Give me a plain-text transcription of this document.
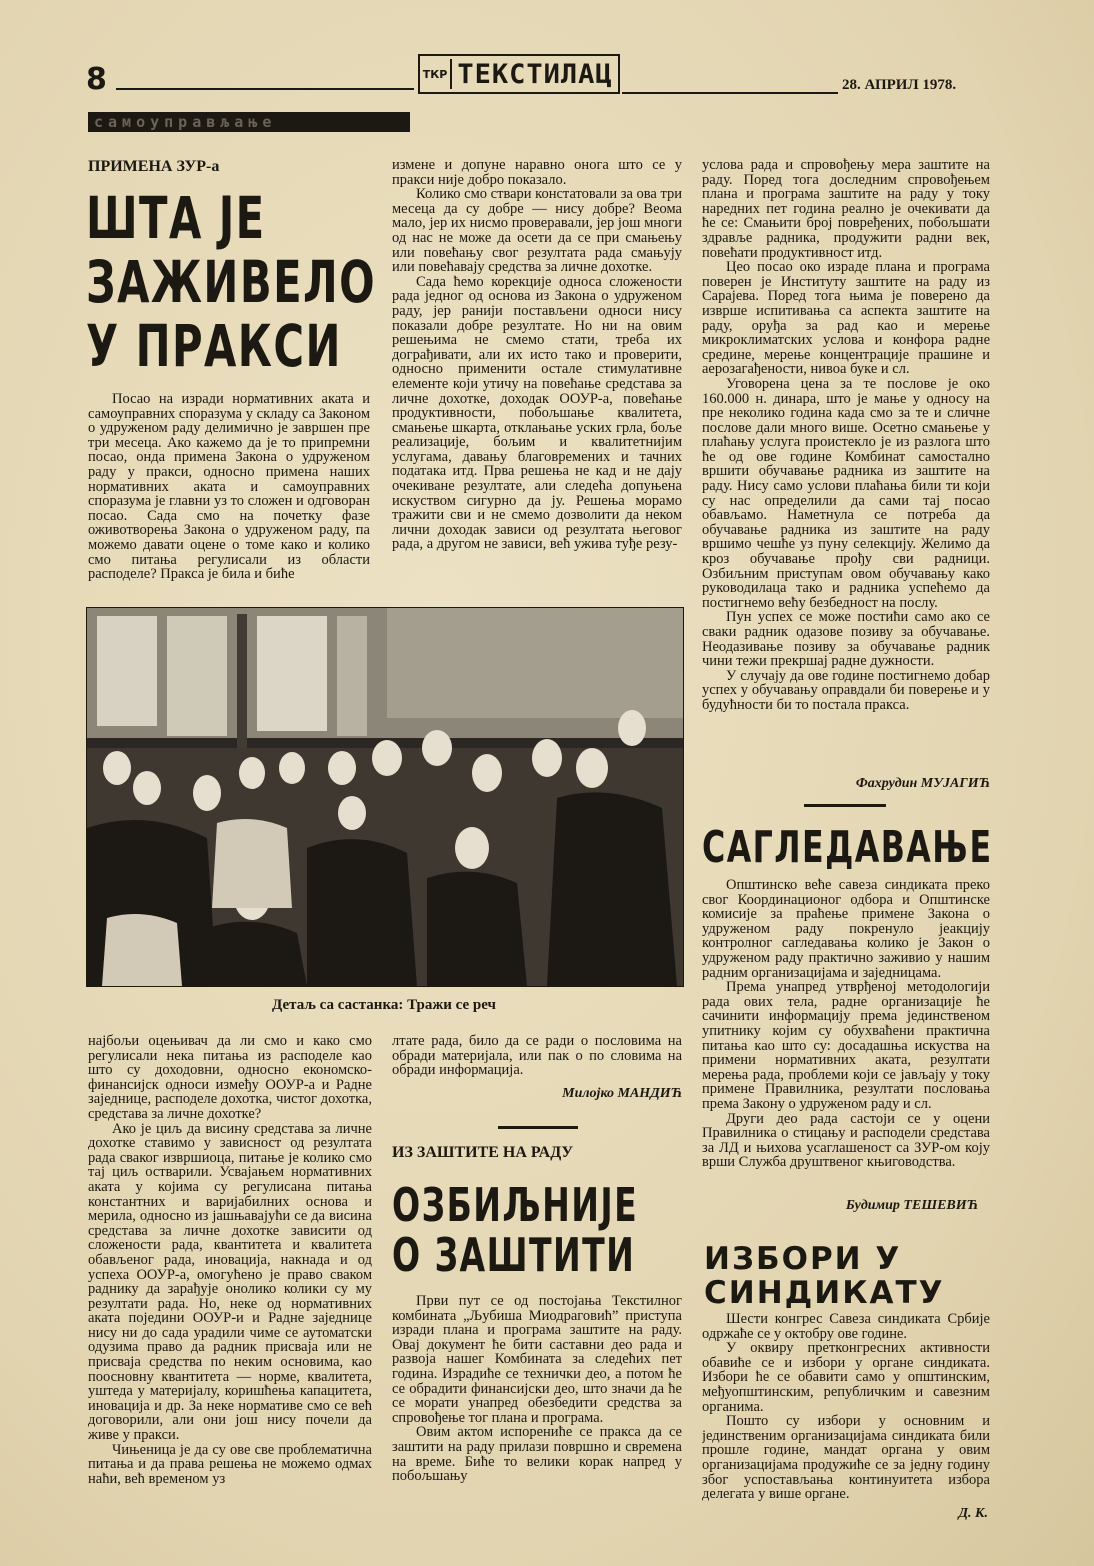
8	ТКР ТЕКСТИЛАЦ	28. АПРИЛ 1978.
самоуправљање
ПРИМЕНА ЗУР-а
ШТА ЈЕ
ЗАЖИВЕЛО
У ПРАКСИ

Посао на изради нормативних аката и самоуправних споразума у складу са Законом о удруженом раду делимично је завршен пре три месеца. Ако кажемо да је то припремни посао, онда примена Закона о удруженом раду у пракси, односно примена наших нормативних аката и самоуправних споразума је главни уз то сложен и одговоран посао. Сада смо на почетку фазе оживотворења Закона о удруженом раду, па можемо давати оцене о томе како и колико смо питања регулисали из области расподеле? Пракса је била и биће

измене и допуне наравно онога што се у пракси није добро показало.

Колико смо ствари констатовали за ова три месеца да су добре — нису добре? Веома мало, јер их нисмо проверавали, јер још многи од нас не може да осети да се при смањењу или повећању свог резултата рада смањују или повећавају средства за личне дохотке.

Сада ћемо корекције односа сложености рада једног од основа из Закона о удруженом раду, јер ранији постављени односи нису показали добре резултате. Но ни на овим решењима не смемо стати, треба их дограђивати, али их исто тако и проверити, односно применити остале стимулативне елементе који утичу на повећање средстава за личне дохотке, доходак ООУР-а, повећање продуктивности, побољшање квалитета, смањење шкарта, отклањање уских грла, боље реализације, бољим и квалитетнијим услугама, давању благовремених и тачних података итд. Прва решења не кад и не дају очекиване резултате, али следећа допуњена искуством сигурно да ју. Решења морамо тражити сви и не смемо дозволити да неком лични доходак зависи од резултата његовог рада, а другом не зависи, већ ужива туђе резу-

Детаљ са састанка: Тражи се реч

најбољи оцењивач да ли смо и како смо регулисали нека питања из расподеле као што су доходовни, односно економско-финансијск односи између ООУР-а и Радне заједнице, расподеле дохотка, чистог дохотка, средстава за личне дохотке?

Ако је циљ да висину средстава за личне дохотке ставимо у зависност од резултата рада сваког извршиоца, питање је колико смо тај циљ остварили. Усвајањем нормативних аката у којима су регулисана питања константних и варијабилних основа и мерила, односно из јашњавајући се да висина средстава за личне дохотке зависити од сложености рада, квантитета и квалитета обављеног рада, иновација, накнада и од успеха ООУР-а, омогућено је право сваком раднику да зарађује онолико колики су му резултати рада. Но, неке од нормативних аката поједини ООУР-и и Радне заједнице нису ни до сада урадили чиме се аутоматски одузима право да радник присваја или не присваја средства по неким основима, као поосновну квантитета — норме, квалитета, уштеда у материјалу, коришћења капацитета, иновација и др. За неке нормативе смо се већ договорили, али они још нису почели да живе у пракси.

Чињеница је да су ове све проблематична питања и да права решења не можемо одмах наћи, већ временом уз

лтате рада, било да се ради о пословима на обради материјала, или пак о по словима на обради информација.

Милојко МАНДИЋ
ИЗ ЗАШТИТЕ НА РАДУ
ОЗБИЉНИЈЕ
О ЗАШТИТИ

Први пут се од постојања Текстилног комбината „Љубиша Миодраговић” приступа изради плана и програма заштите на раду. Овај документ ће бити саставни део рада и развоја нашег Комбината за следећих пет година. Израдиће се технички део, а потом ће се обрадити финансијски део, што значи да ће се морати унапред обезбедити средства за спровођење тог плана и програма.

Овим актом испорениће се пракса да се заштити на раду прилази површно и свремена на време. Биће то велики корак напред у побољшању

услова рада и спровођењу мера заштите на раду. Поред тога доследним спровођењем плана и програма заштите на раду у току наредних пет година реално је очекивати да ће се: Смањити број повређених, побољшати здравље радника, продужити радни век, повећати продуктивност итд.

Цео посао око израде плана и програма поверен је Институту заштите на раду из Сарајева. Поред тога њима је поверено да изврше испитивања са аспекта заштите на раду, оруђа за рад као и мерење микроклиматских услова и конфора радне средине, мерење концентрације прашине и аерозагађености, нивоа буке и сл.

Уговорена цена за те послове је око 160.000 н. динара, што је мање у односу на пре неколико година када смо за те и сличне послове дали много више. Осетно смањење у плаћању услуга проистекло је из разлога што ће од ове године Комбинат самостално вршити обучавање радника из заштите на раду. Нису само услови плаћања били ти који су нас определили да сами тај посао обављамо. Наметнула се потреба да обучавање радника из заштите на раду вршимо чешће уз пуну селекцију. Желимо да кроз обучавање прођу сви радници. Озбиљним приступам овом обучавању како руководилаца тако и радника успећемо да постигнемо већу безбедност на послу.

Пун успех се може постићи само ако се сваки радник одазове позиву за обучавање. Неодазивање позиву за обучавање радник чини тежи прекршај радне дужности.

У случају да ове године постигнемо добар успех у обучавању оправдали би поверење и у будућности би то постала пракса.

Фахрудин МУЈАГИЋ
САГЛЕДАВАЊЕ

Општинско веће савеза синдиката преко свог Координационог одбора и Општинске комисије за праћење примене Закона о удруженом раду покренуло јеакцију контролног сагледавања колико је Закон о удруженом раду практично заживио у нашим радним организацијама и заједницама.

Према унапред утврђеној методологији рада ових тела, радне организације ће сачинити информацију према јединственом упитнику којим су обухваћени практична питања као што су: досадашња искуства на примени нормативних аката, резултати мерења рада, проблеми који се јављају у току примене Правилника, резултати пословања према Закону о удруженом раду и сл.

Други део рада састоји се у оцени Правилника о стицању и расподели средстава за ЛД и њихова усаглашеност са ЗУР-ом коју врши Служба друштвеног књиговодства.

Будимир ТЕШЕВИЋ
ИЗБОРИ У
СИНДИКАТУ

Шести конгрес Савеза синдиката Србије одржаће се у октобру ове године.

У оквиру претконгресних активности обавиће се и избори у органе синдиката. Избори ће се обавити само у општинским, међуопштинским, републичким и савезним органима.

Пошто су избори у основним и јединственим организацијама синдиката били прошле године, мандат органа у овим организацијама продужиће се за једну годину због успостављања континуитета избора делегата у више органе.

Д. К.
